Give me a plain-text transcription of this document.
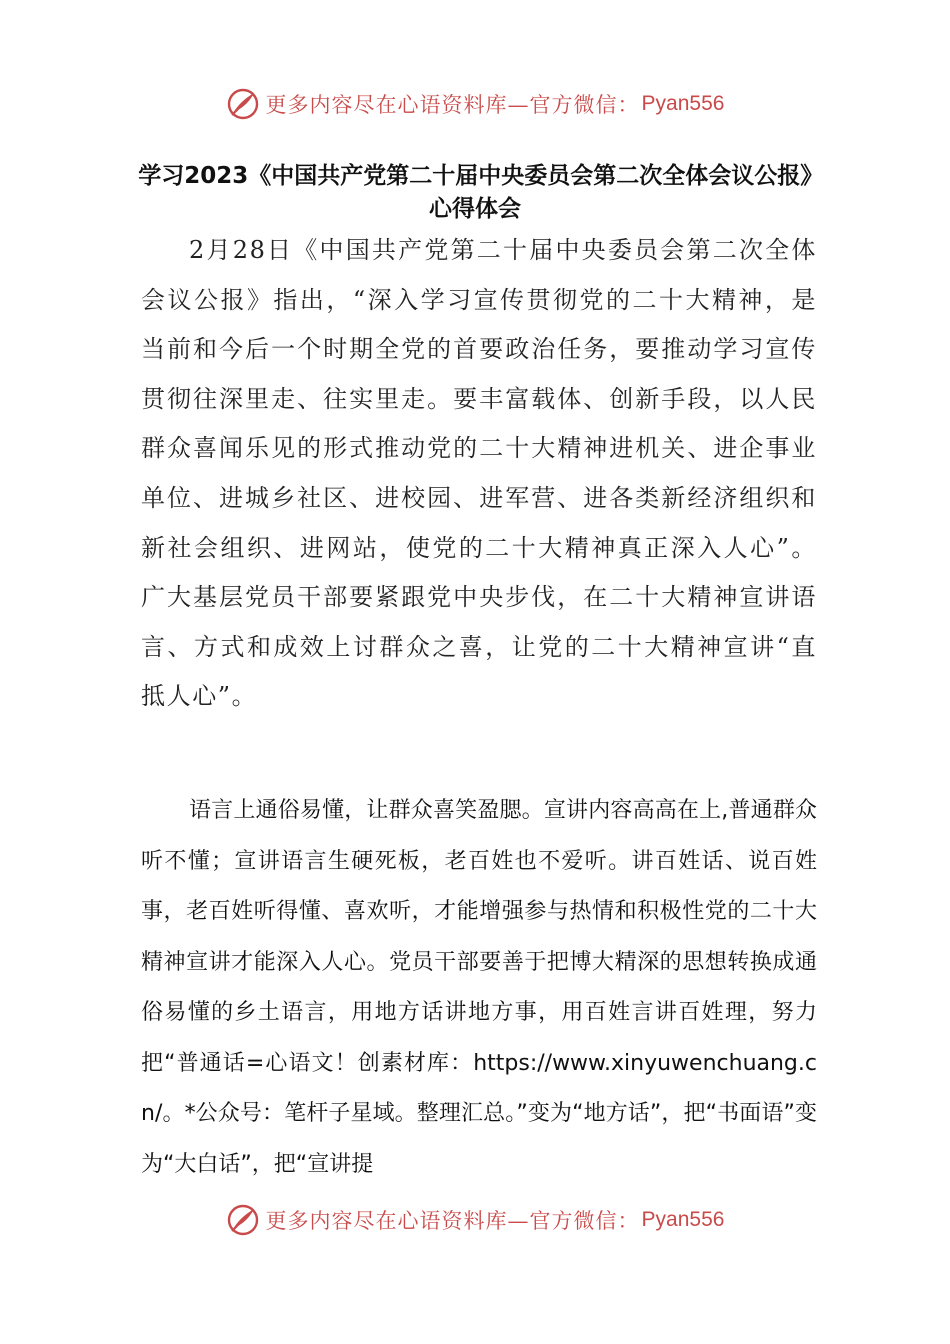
更多内容尽在心语资料库—官方微信： Pyan556
学习2023《中国共产党第二十届中央委员会第二次全体会议公报》心得体会

2月28日《中国共产党第二十届中央委员会第二次全体会议公报》指出，“深入学习宣传贯彻党的二十大精神，是当前和今后一个时期全党的首要政治任务，要推动学习宣传贯彻往深里走、往实里走。要丰富载体、创新手段，以人民群众喜闻乐见的形式推动党的二十大精神进机关、进企事业单位、进城乡社区、进校园、进军营、进各类新经济组织和新社会组织、进网站，使党的二十大精神真正深入人心”。广大基层党员干部要紧跟党中央步伐，在二十大精神宣讲语言、方式和成效上讨群众之喜，让党的二十大精神宣讲“直抵人心”。

语言上通俗易懂，让群众喜笑盈腮。宣讲内容高高在上,普通群众听不懂；宣讲语言生硬死板，老百姓也不爱听。讲百姓话、说百姓事，老百姓听得懂、喜欢听，才能增强参与热情和积极性党的二十大精神宣讲才能深入人心。党员干部要善于把博大精深的思想转换成通俗易懂的乡土语言，用地方话讲地方事，用百姓言讲百姓理，努力把“普通话=心语文！创素材库：https://www.xinyuwenchuang.cn/。*公众号：笔杆子星域。整理汇总。”变为“地方话”，把“书面语”变为“大白话”，把“宣讲提

更多内容尽在心语资料库—官方微信： Pyan556
